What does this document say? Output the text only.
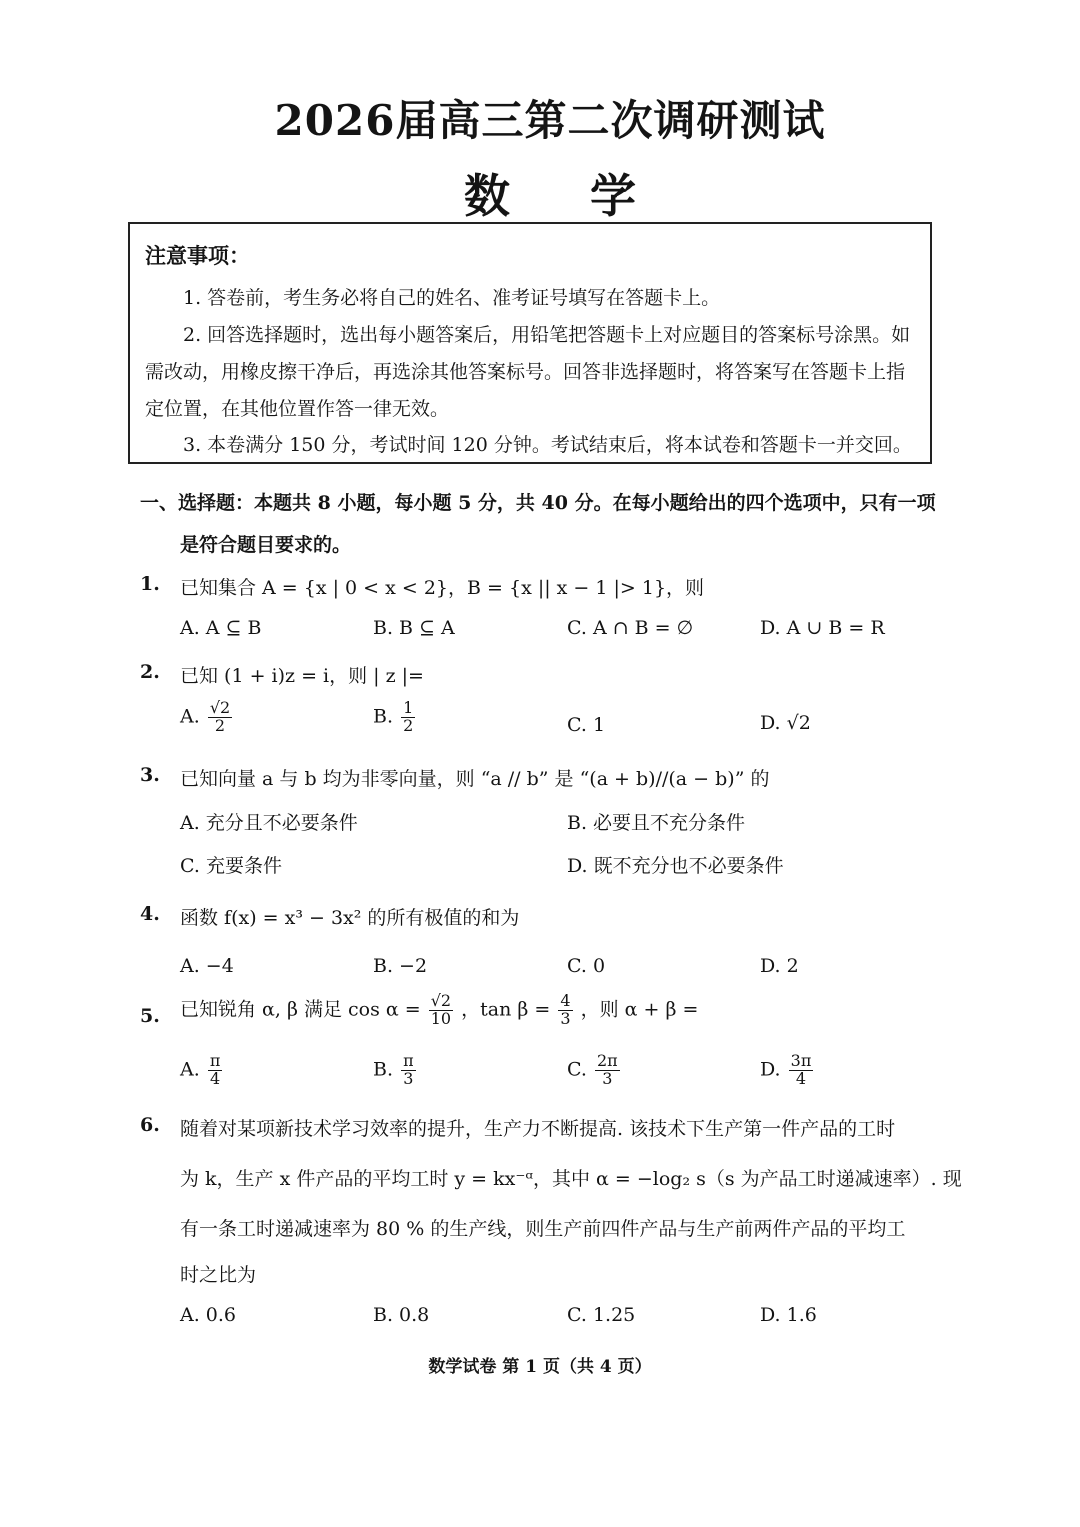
2026届高三第二次调研测试
数学
注意事项：
1. 答卷前，考生务必将自己的姓名、准考证号填写在答题卡上。
2. 回答选择题时，选出每小题答案后，用铅笔把答题卡上对应题目的答案标号涂黑。如
需改动，用橡皮擦干净后，再选涂其他答案标号。回答非选择题时，将答案写在答题卡上指
定位置，在其他位置作答一律无效。
3. 本卷满分 150 分，考试时间 120 分钟。考试结束后，将本试卷和答题卡一并交回。
一、选择题：本题共 8 小题，每小题 5 分，共 40 分。在每小题给出的四个选项中，只有一项
是符合题目要求的。
1. 已知集合 A = {x | 0 < x < 2}，B = {x || x − 1 |> 1}，则
A. A ⊆ B	B. B ⊆ A	C. A ∩ B = ∅	D. A ∪ B = R
2. 已知 (1 + i)z = i，则 | z |=
A. $\frac{√2}{2}$	B. $\frac{1}{2}$	C. 1	D. √2
3. 已知向量 a 与 b 均为非零向量，则 “a // b” 是 “(a + b)//(a − b)” 的
A. 充分且不必要条件	B. 必要且不充分条件
C. 充要条件	D. 既不充分也不必要条件
4. 函数 f(x) = x³ − 3x² 的所有极值的和为
A. −4	B. −2	C. 0	D. 2
5. 已知锐角 α, β 满足 $\cos \alpha = \frac{√2}{10}$ ，$\tan \beta = \frac{4}{3}$ ，则 α + β =
A. $\frac{\pi}{4}$	B. $\frac{\pi}{3}$	C. $\frac{2\pi}{3}$	D. $\frac{3\pi}{4}$
6. 随着对某项新技术学习效率的提升，生产力不断提高. 该技术下生产第一件产品的工时
为 k，生产 x 件产品的平均工时 y = kx⁻ᵅ，其中 α = −log₂ s（s 为产品工时递减速率）. 现
有一条工时递减速率为 80 % 的生产线，则生产前四件产品与生产前两件产品的平均工
时之比为
A. 0.6	B. 0.8	C. 1.25	D. 1.6
数学试卷 第 1 页（共 4 页）
